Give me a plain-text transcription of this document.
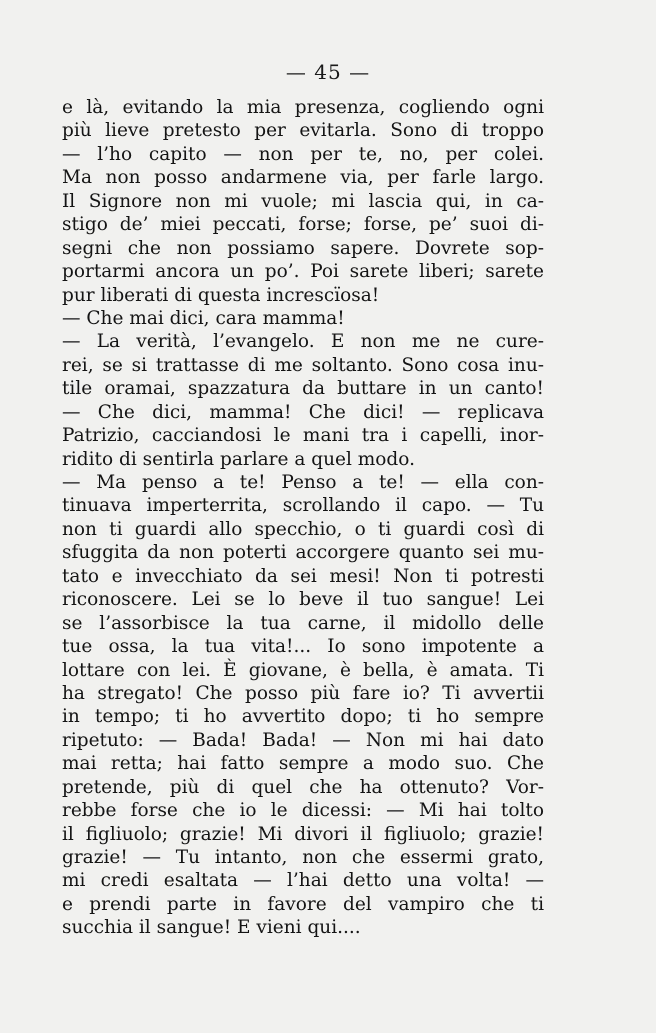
— 45 —
e là, evitando la mia presenza, cogliendo ogni
più lieve pretesto per evitarla. Sono di troppo
— l’ho capito — non per te, no, per colei.
Ma non posso andarmene via, per farle largo.
Il Signore non mi vuole; mi lascia qui, in ca-
stigo de’ miei peccati, forse; forse, pe’ suoi di-
segni che non possiamo sapere. Dovrete sop-
portarmi ancora un po’. Poi sarete liberi; sarete
pur liberati di questa increscïosa!
— Che mai dici, cara mamma!
— La verità, l’evangelo. E non me ne cure-
rei, se si trattasse di me soltanto. Sono cosa inu-
tile oramai, spazzatura da buttare in un canto!
— Che dici, mamma! Che dici! — replicava
Patrizio, cacciandosi le mani tra i capelli, inor-
ridito di sentirla parlare a quel modo.
— Ma penso a te! Penso a te! — ella con-
tinuava imperterrita, scrollando il capo. — Tu
non ti guardi allo specchio, o ti guardi così di
sfuggita da non poterti accorgere quanto sei mu-
tato e invecchiato da sei mesi! Non ti potresti
riconoscere. Lei se lo beve il tuo sangue! Lei
se l’assorbisce la tua carne, il midollo delle
tue ossa, la tua vita!... Io sono impotente a
lottare con lei. È giovane, è bella, è amata. Ti
ha stregato! Che posso più fare io? Ti avvertii
in tempo; ti ho avvertito dopo; ti ho sempre
ripetuto: — Bada! Bada! — Non mi hai dato
mai retta; hai fatto sempre a modo suo. Che
pretende, più di quel che ha ottenuto? Vor-
rebbe forse che io le dicessi: — Mi hai tolto
il figliuolo; grazie! Mi divori il figliuolo; grazie!
grazie! — Tu intanto, non che essermi grato,
mi credi esaltata — l’hai detto una volta! —
e prendi parte in favore del vampiro che ti
succhia il sangue! E vieni qui....
